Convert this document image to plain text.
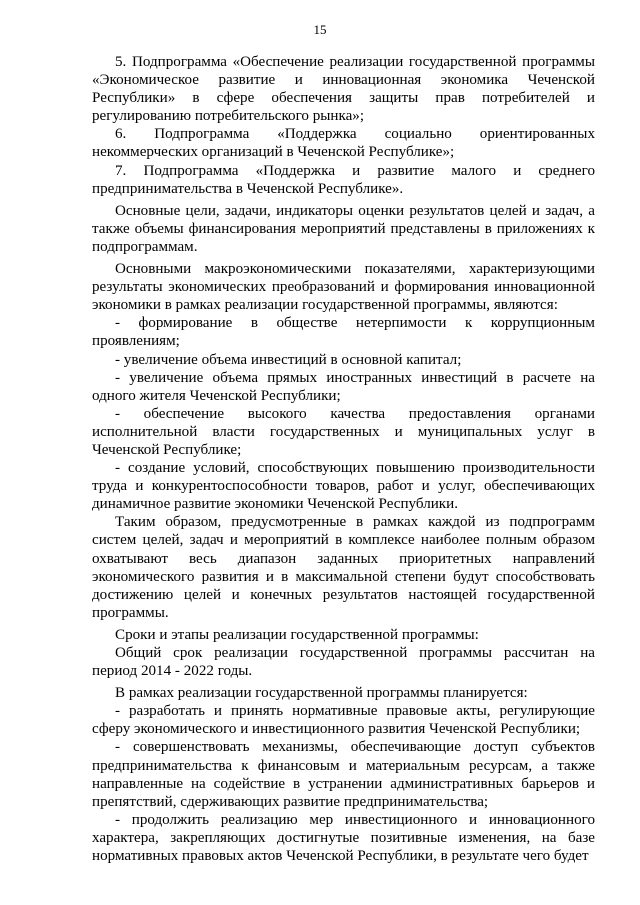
15

5. Подпрограмма «Обеспечение реализации государственной программы «Экономическое развитие и инновационная экономика Чеченской Республики» в сфере обеспечения защиты прав потребителей и регулированию потребительского рынка»;

6. Подпрограмма «Поддержка социально ориентированных некоммерческих организаций в Чеченской Республике»;

7. Подпрограмма «Поддержка и развитие малого и среднего предпринимательства в Чеченской Республике».

Основные цели, задачи, индикаторы оценки результатов целей и задач, а также объемы финансирования мероприятий представлены в приложениях к подпрограммам.

Основными макроэкономическими показателями, характеризующими результаты экономических преобразований и формирования инновационной экономики в рамках реализации государственной программы, являются:

- формирование в обществе нетерпимости к коррупционным проявлениям;

- увеличение объема инвестиций в основной капитал;

- увеличение объема прямых иностранных инвестиций в расчете на одного жителя Чеченской Республики;

- обеспечение высокого качества предоставления органами исполнительной власти государственных и муниципальных услуг в Чеченской Республике;

- создание условий, способствующих повышению производительности труда и конкурентоспособности товаров, работ и услуг, обеспечивающих динамичное развитие экономики Чеченской Республики.

Таким образом, предусмотренные в рамках каждой из подпрограмм систем целей, задач и мероприятий в комплексе наиболее полным образом охватывают весь диапазон заданных приоритетных направлений экономического развития и в максимальной степени будут способствовать достижению целей и конечных результатов настоящей государственной программы.

Сроки и этапы реализации государственной программы:

Общий срок реализации государственной программы рассчитан на период 2014 - 2022 годы.

В рамках реализации государственной программы планируется:

- разработать и принять нормативные правовые акты, регулирующие сферу экономического и инвестиционного развития Чеченской Республики;

- совершенствовать механизмы, обеспечивающие доступ субъектов предпринимательства к финансовым и материальным ресурсам, а также направленные на содействие в устранении административных барьеров и препятствий, сдерживающих развитие предпринимательства;

- продолжить реализацию мер инвестиционного и инновационного характера, закрепляющих достигнутые позитивные изменения, на базе нормативных правовых актов Чеченской Республики, в результате чего будет
